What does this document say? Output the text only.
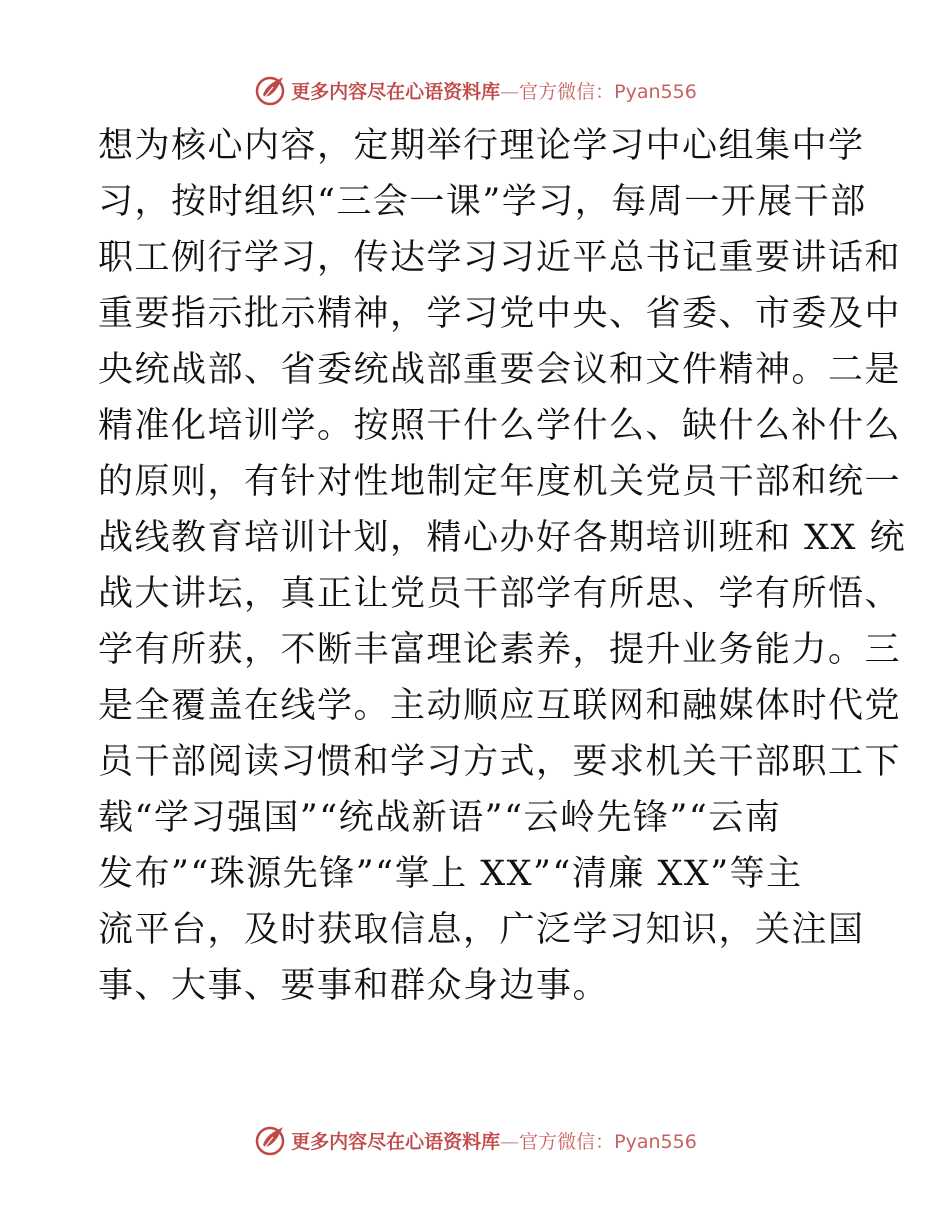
更多内容尽在心语资料库—官方微信：Pyan556
想为核心内容，定期举行理论学习中心组集中学
习，按时组织“三会一课”学习，每周一开展干部
职工例行学习，传达学习习近平总书记重要讲话和
重要指示批示精神，学习党中央、省委、市委及中
央统战部、省委统战部重要会议和文件精神。二是
精准化培训学。按照干什么学什么、缺什么补什么
的原则，有针对性地制定年度机关党员干部和统一
战线教育培训计划，精心办好各期培训班和 XX 统
战大讲坛，真正让党员干部学有所思、学有所悟、
学有所获，不断丰富理论素养，提升业务能力。三
是全覆盖在线学。主动顺应互联网和融媒体时代党
员干部阅读习惯和学习方式，要求机关干部职工下
载“学习强国”“统战新语”“云岭先锋”“云南
发布”“珠源先锋”“掌上 XX”“清廉 XX”等主
流平台，及时获取信息，广泛学习知识，关注国
事、大事、要事和群众身边事。
更多内容尽在心语资料库—官方微信：Pyan556
